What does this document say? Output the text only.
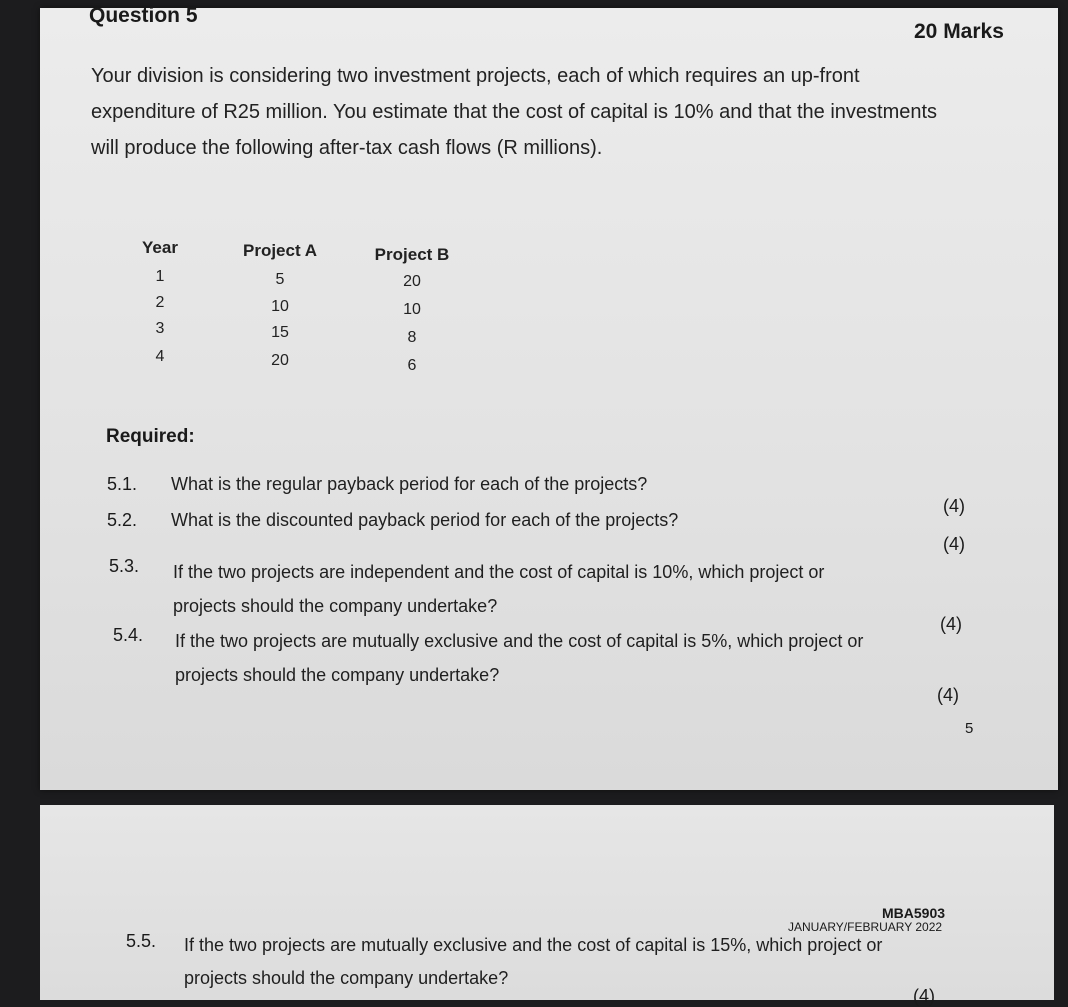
Question 5
20 Marks
Your division is considering two investment projects, each of which requires an up-front
expenditure of R25 million. You estimate that the cost of capital is 10% and that the investments
will produce the following after-tax cash flows (R millions).
Year
1
2
3
4
Project A
5
10
15
20
Project B
20
10
8
6
Required:
5.1. What is the regular payback period for each of the projects?
(4)
5.2. What is the discounted payback period for each of the projects?
(4)
5.3. If the two projects are independent and the cost of capital is 10%, which project or
projects should the company undertake?
(4)
5.4. If the two projects are mutually exclusive and the cost of capital is 5%, which project or
projects should the company undertake?
(4)
5
MBA5903
JANUARY/FEBRUARY 2022
5.5. If the two projects are mutually exclusive and the cost of capital is 15%, which project or
projects should the company undertake?
(4)
